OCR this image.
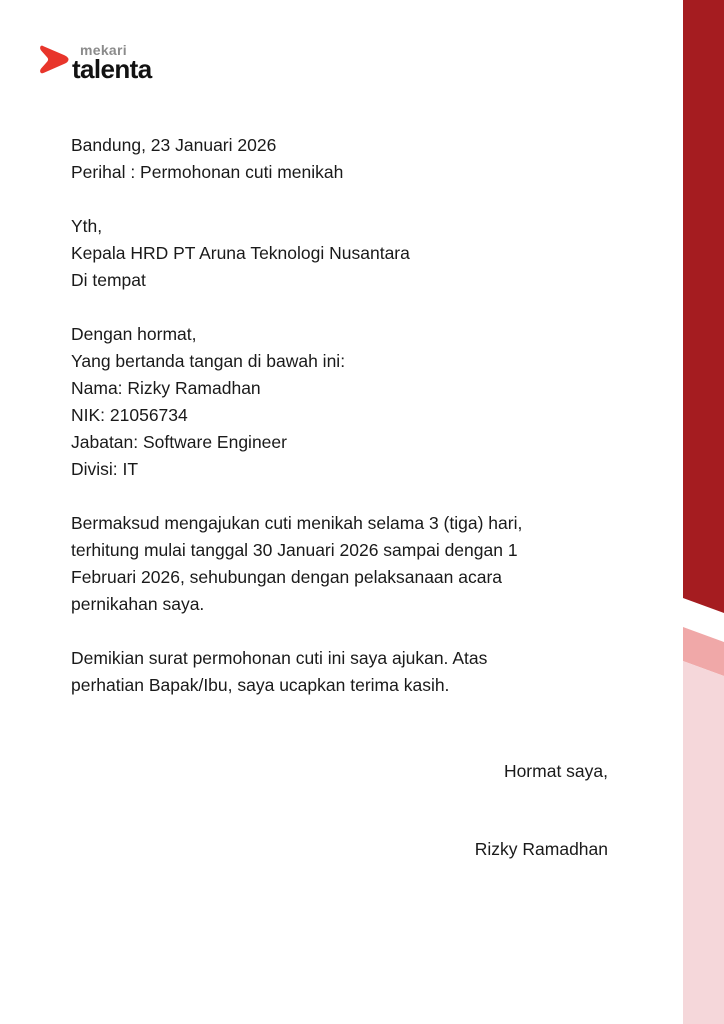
mekari
talenta
Bandung, 23 Januari 2026
Perihal : Permohonan cuti menikah
Yth,
Kepala HRD PT Aruna Teknologi Nusantara
Di tempat
Dengan hormat,
Yang bertanda tangan di bawah ini:
Nama: Rizky Ramadhan
NIK: 21056734
Jabatan: Software Engineer
Divisi: IT
Bermaksud mengajukan cuti menikah selama 3 (tiga) hari,
terhitung mulai tanggal 30 Januari 2026 sampai dengan 1
Februari 2026, sehubungan dengan pelaksanaan acara
pernikahan saya.
Demikian surat permohonan cuti ini saya ajukan. Atas
perhatian Bapak/Ibu, saya ucapkan terima kasih.
Hormat saya,
Rizky Ramadhan
